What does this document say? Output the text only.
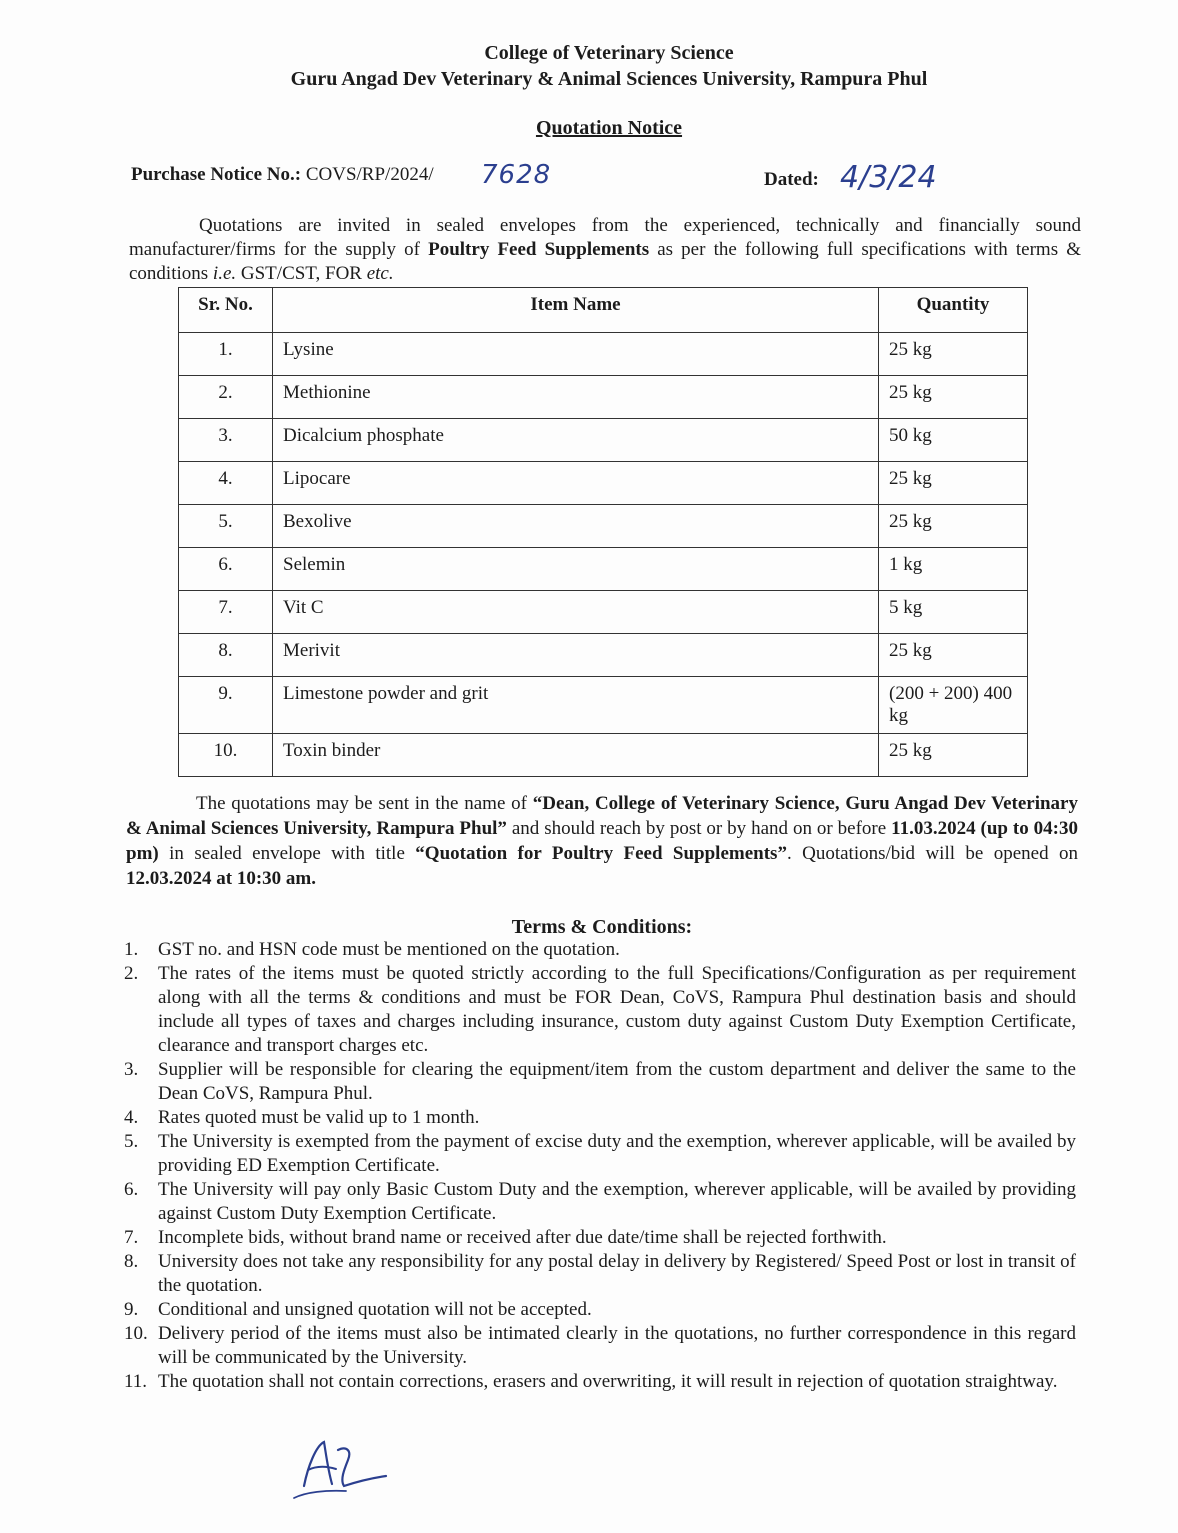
College of Veterinary Science
Guru Angad Dev Veterinary & Animal Sciences University, Rampura Phul
Quotation Notice
Purchase Notice No.: COVS/RP/2024/ 7628	Dated: 4/3/24

Quotations are invited in sealed envelopes from the experienced, technically and financially sound manufacturer/firms for the supply of Poultry Feed Supplements as per the following full specifications with terms & conditions i.e. GST/CST, FOR etc.

Sr. No.	Item Name	Quantity
1.	Lysine	25 kg
2.	Methionine	25 kg
3.	Dicalcium phosphate	50 kg
4.	Lipocare	25 kg
5.	Bexolive	25 kg
6.	Selemin	1 kg
7.	Vit C	5 kg
8.	Merivit	25 kg
9.	Limestone powder and grit	(200 + 200) 400 kg
10.	Toxin binder	25 kg

The quotations may be sent in the name of “Dean, College of Veterinary Science, Guru Angad Dev Veterinary & Animal Sciences University, Rampura Phul” and should reach by post or by hand on or before 11.03.2024 (up to 04:30 pm) in sealed envelope with title “Quotation for Poultry Feed Supplements”. Quotations/bid will be opened on 12.03.2024 at 10:30 am.

Terms & Conditions:
1. GST no. and HSN code must be mentioned on the quotation.
2. The rates of the items must be quoted strictly according to the full Specifications/Configuration as per requirement along with all the terms & conditions and must be FOR Dean, CoVS, Rampura Phul destination basis and should include all types of taxes and charges including insurance, custom duty against Custom Duty Exemption Certificate, clearance and transport charges etc.
3. Supplier will be responsible for clearing the equipment/item from the custom department and deliver the same to the Dean CoVS, Rampura Phul.
4. Rates quoted must be valid up to 1 month.
5. The University is exempted from the payment of excise duty and the exemption, wherever applicable, will be availed by providing ED Exemption Certificate.
6. The University will pay only Basic Custom Duty and the exemption, wherever applicable, will be availed by providing against Custom Duty Exemption Certificate.
7. Incomplete bids, without brand name or received after due date/time shall be rejected forthwith.
8. University does not take any responsibility for any postal delay in delivery by Registered/ Speed Post or lost in transit of the quotation.
9. Conditional and unsigned quotation will not be accepted.
10. Delivery period of the items must also be intimated clearly in the quotations, no further correspondence in this regard will be communicated by the University.
11. The quotation shall not contain corrections, erasers and overwriting, it will result in rejection of quotation straightway.
